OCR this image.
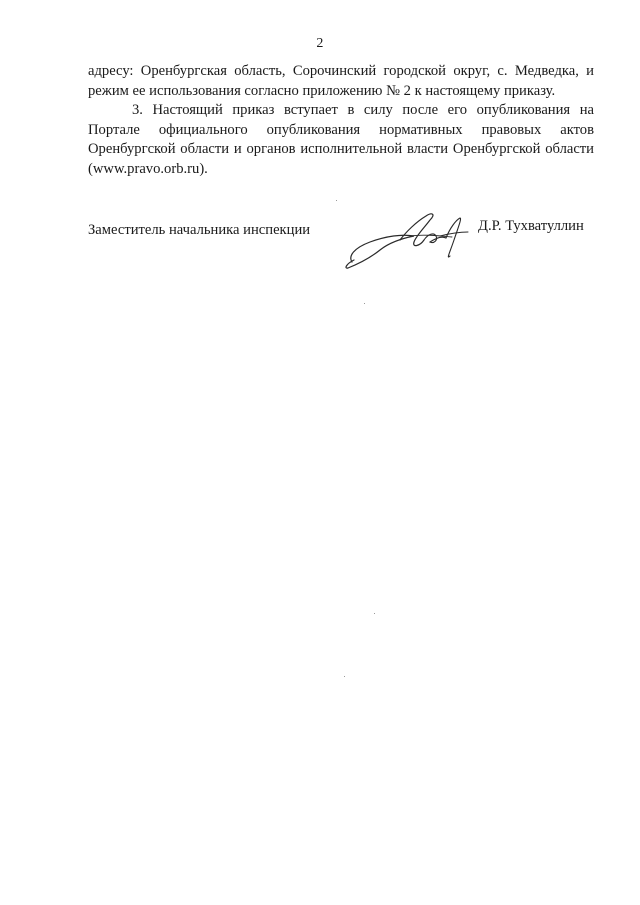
2
адресу: Оренбургская область, Сорочинский городской округ, с. Медведка, и режим ее использования согласно приложению № 2 к настоящему приказу.
3. Настоящий приказ вступает в силу после его опубликования на Портале официального опубликования нормативных правовых актов Оренбургской области и органов исполнительной власти Оренбургской области (www.pravo.orb.ru).
Заместитель начальника инспекции	Д.Р. Тухватуллин
